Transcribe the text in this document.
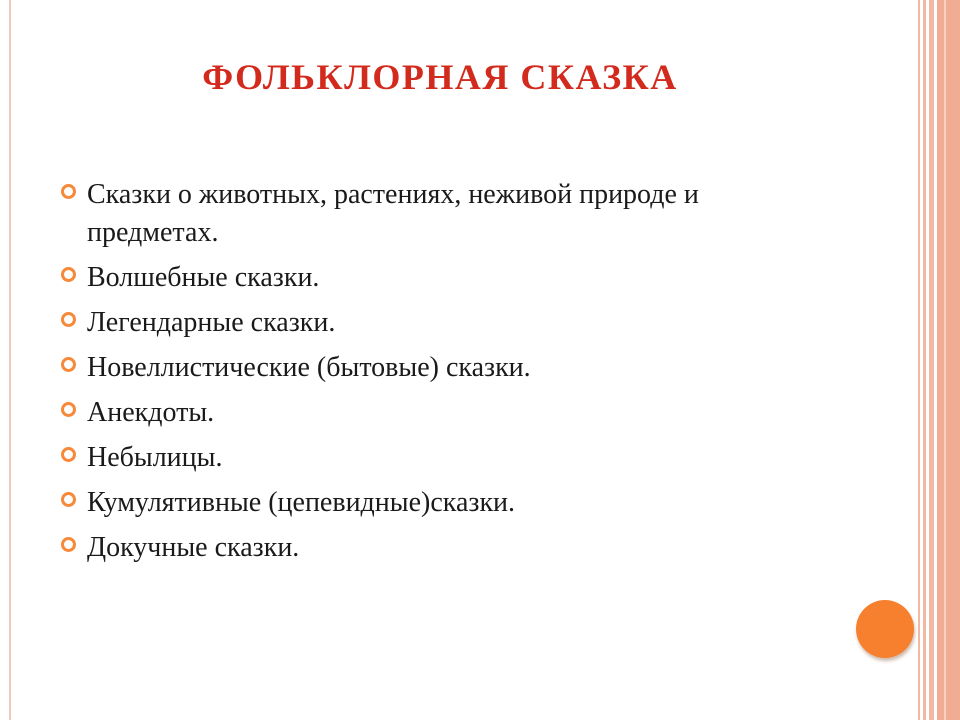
ФОЛЬКЛОРНАЯ СКАЗКА
Сказки о животных, растениях, неживой природе и предметах.
Волшебные сказки.
Легендарные сказки.
Новеллистические (бытовые) сказки.
Анекдоты.
Небылицы.
Кумулятивные (цепевидные)сказки.
Докучные сказки.
